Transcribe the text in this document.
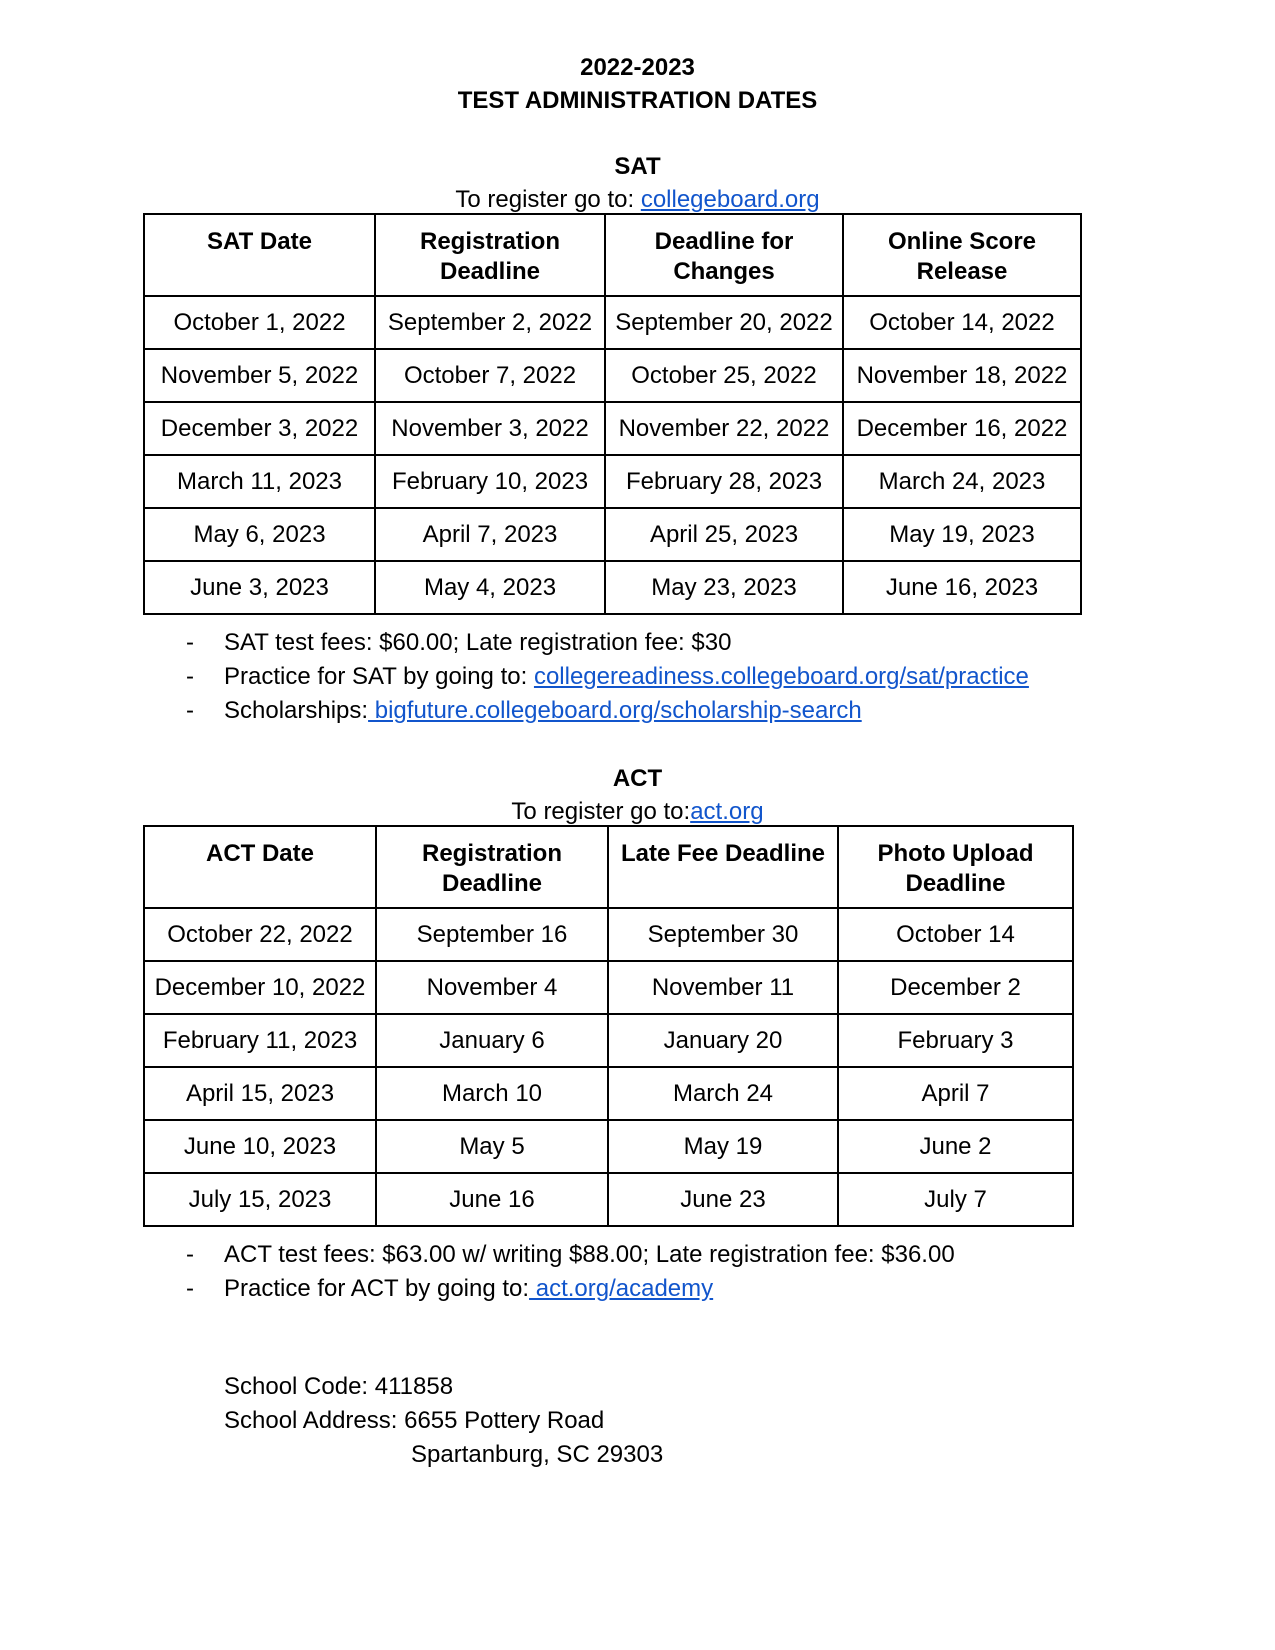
2022-2023
TEST ADMINISTRATION DATES
SAT
To register go to: collegeboard.org
SAT Date	Registration Deadline	Deadline for Changes	Online Score Release
October 1, 2022	September 2, 2022	September 20, 2022	October 14, 2022
November 5, 2022	October 7, 2022	October 25, 2022	November 18, 2022
December 3, 2022	November 3, 2022	November 22, 2022	December 16, 2022
March 11, 2023	February 10, 2023	February 28, 2023	March 24, 2023
May 6, 2023	April 7, 2023	April 25, 2023	May 19, 2023
June 3, 2023	May 4, 2023	May 23, 2023	June 16, 2023
- SAT test fees: $60.00; Late registration fee: $30
- Practice for SAT by going to: collegereadiness.collegeboard.org/sat/practice
- Scholarships: bigfuture.collegeboard.org/scholarship-search
ACT
To register go to:act.org
ACT Date	Registration Deadline	Late Fee Deadline	Photo Upload Deadline
October 22, 2022	September 16	September 30	October 14
December 10, 2022	November 4	November 11	December 2
February 11, 2023	January 6	January 20	February 3
April 15, 2023	March 10	March 24	April 7
June 10, 2023	May 5	May 19	June 2
July 15, 2023	June 16	June 23	July 7
- ACT test fees: $63.00 w/ writing $88.00; Late registration fee: $36.00
- Practice for ACT by going to: act.org/academy
School Code: 411858
School Address: 6655 Pottery Road
Spartanburg, SC 29303
